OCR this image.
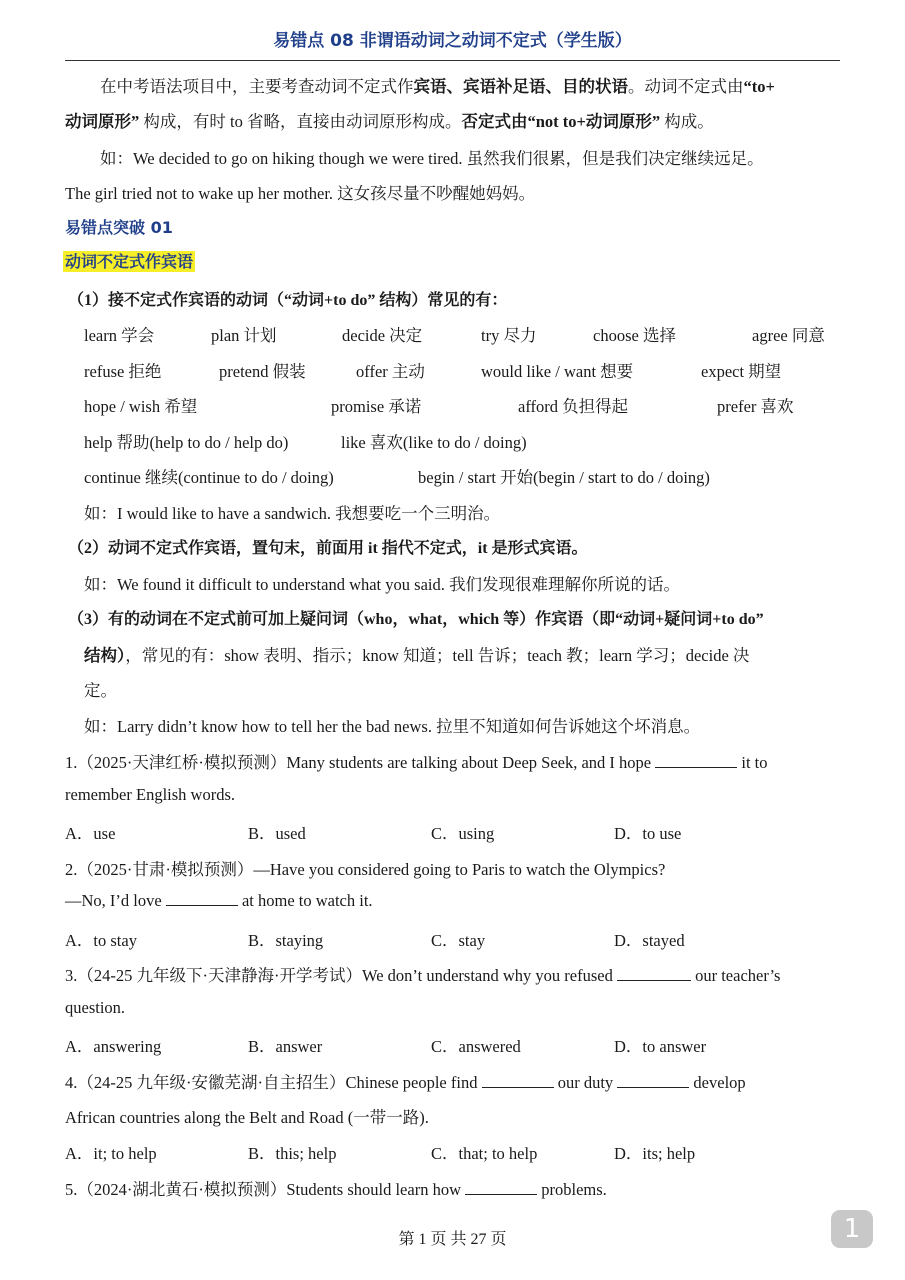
易错点 08 非谓语动词之动词不定式（学生版）
在中考语法项目中，主要考查动词不定式作宾语、宾语补足语、目的状语。动词不定式由“to+
动词原形” 构成，有时 to 省略，直接由动词原形构成。否定式由“not to+动词原形” 构成。
如：We decided to go on hiking though we were tired. 虽然我们很累，但是我们决定继续远足。
The girl tried not to wake up her mother. 这女孩尽量不吵醒她妈妈。
易错点突破 01
动词不定式作宾语
（1）接不定式作宾语的动词（“动词+to do” 结构）常见的有：
learn 学会	plan 计划	decide 决定	try 尽力	choose 选择	agree 同意
refuse 拒绝	pretend 假装	offer 主动	would like / want 想要	expect 期望
hope / wish 希望	promise 承诺	afford 负担得起	prefer 喜欢
help 帮助(help to do / help do)	like 喜欢(like to do / doing)
continue 继续(continue to do / doing)	begin / start 开始(begin / start to do / doing)
如：I would like to have a sandwich. 我想要吃一个三明治。
（2）动词不定式作宾语，置句末，前面用 it 指代不定式，it 是形式宾语。
如：We found it difficult to understand what you said. 我们发现很难理解你所说的话。
（3）有的动词在不定式前可加上疑问词（who，what，which 等）作宾语（即“动词+疑问词+to do”
结构），常见的有：show 表明、指示；know 知道；tell 告诉；teach 教；learn 学习；decide 决
定。
如：Larry didn’t know how to tell her the bad news. 拉里不知道如何告诉她这个坏消息。
1.（2025·天津红桥·模拟预测）Many students are talking about Deep Seek, and I hope	it to
remember English words.
A．use	B．used	C．using	D．to use
2.（2025·甘肃·模拟预测）—Have you considered going to Paris to watch the Olympics?
—No, I’d love	at home to watch it.
A．to stay	B．staying	C．stay	D．stayed
3.（24-25 九年级下·天津静海·开学考试）We don’t understand why you refused	our teacher’s
question.
A．answering	B．answer	C．answered	D．to answer
4.（24-25 九年级·安徽芜湖·自主招生）Chinese people find	our duty	develop
African countries along the Belt and Road (一带一路).
A．it; to help	B．this; help	C．that; to help	D．its; help
5.（2024·湖北黄石·模拟预测）Students should learn how	problems.
第 1 页 共 27 页	1
